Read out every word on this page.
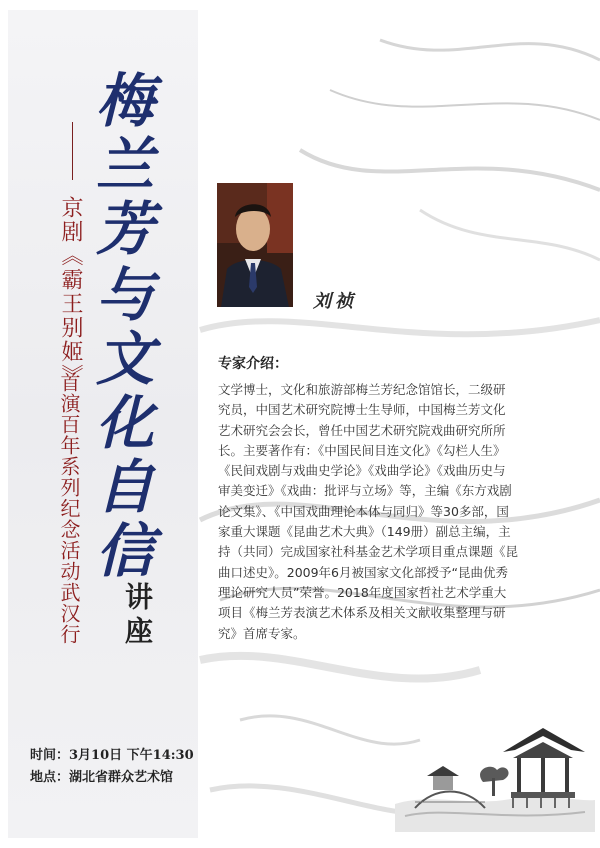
梅
兰
芳
与
文
化
自
信
京剧《霸王别姬》
首演百年系列纪念活动武汉行 讲座
时间：3月10日 下午14:30
地点：湖北省群众艺术馆
刘祯
专家介绍：
文学博士，文化和旅游部梅兰芳纪念馆馆长，二级研
究员，中国艺术研究院博士生导师，中国梅兰芳文化
艺术研究会会长，曾任中国艺术研究院戏曲研究所所
长。主要著作有：《中国民间目连文化》《勾栏人生》
《民间戏剧与戏曲史学论》《戏曲学论》《戏曲历史与
审美变迁》《戏曲：批评与立场》等，主编《东方戏剧
论文集》、《中国戏曲理论本体与同归》等30多部，国
家重大课题《昆曲艺术大典》（149册）副总主编，主
持（共同）完成国家社科基金艺术学项目重点课题《昆
曲口述史》。2009年6月被国家文化部授予“昆曲优秀
理论研究人员”荣誉。2018年度国家哲社艺术学重大
项目《梅兰芳表演艺术体系及相关文献收集整理与研
究》首席专家。
